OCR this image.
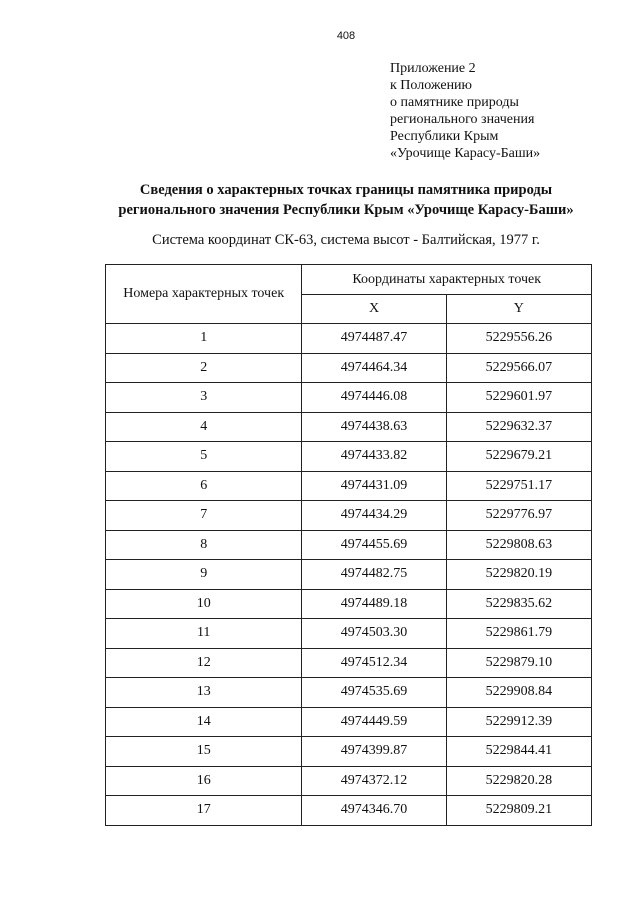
408
Приложение 2
к Положению
о памятнике природы
регионального значения
Республики Крым
«Урочище Карасу-Баши»
Сведения о характерных точках границы памятника природы
регионального значения Республики Крым «Урочище Карасу-Баши»
Система координат СК-63, система высот - Балтийская, 1977 г.
Номера характерных точек	Координаты характерных точек	
	X	Y
1	4974487.47	5229556.26
2	4974464.34	5229566.07
3	4974446.08	5229601.97
4	4974438.63	5229632.37
5	4974433.82	5229679.21
6	4974431.09	5229751.17
7	4974434.29	5229776.97
8	4974455.69	5229808.63
9	4974482.75	5229820.19
10	4974489.18	5229835.62
11	4974503.30	5229861.79
12	4974512.34	5229879.10
13	4974535.69	5229908.84
14	4974449.59	5229912.39
15	4974399.87	5229844.41
16	4974372.12	5229820.28
17	4974346.70	5229809.21
